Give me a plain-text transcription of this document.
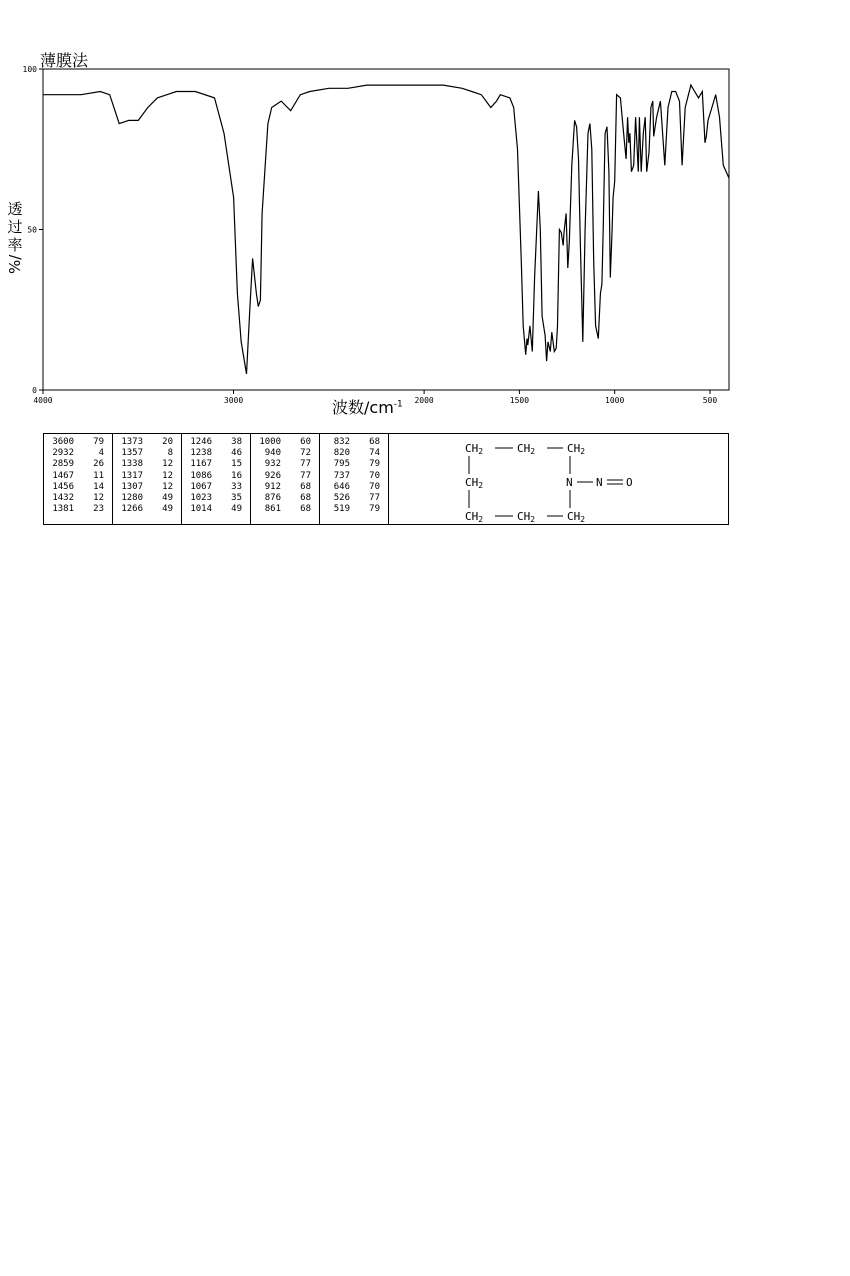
薄膜法
透
过
率
%/
波数$/cm^{-1}$
4000	3000	2000	1500	1000	500
0
50
100
3600	79
2932	4
2859	26
1467	11
1456	14
1432	12
1381	23
1373	20
1357	8
1338	12
1317	12
1307	12
1280	49
1266	49
1246	38
1238	46
1167	15
1086	16
1067	33
1023	35
1014	49
1000	60
940	72
932	77
926	77
912	68
876	68
861	68
832	68
820	74
795	79
737	70
646	70
526	77
519	79
CH2	CH2	CH2
CH2	N N O
CH2	CH2	CH2
